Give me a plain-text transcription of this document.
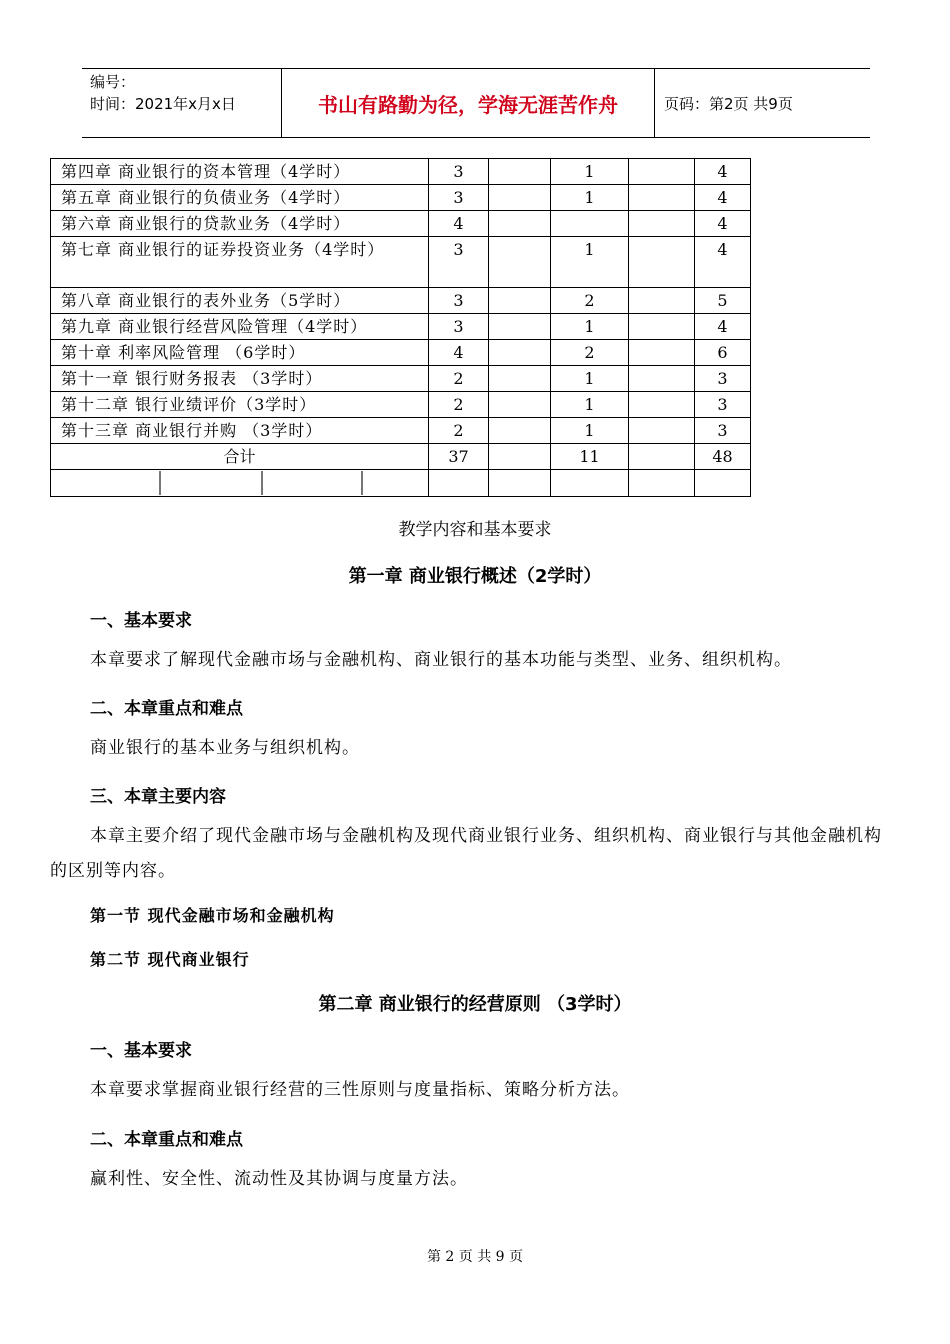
编号：
时间：2021年x月x日	书山有路勤为径，学海无涯苦作舟	页码：第2页 共9页
第四章 商业银行的资本管理（4学时）	3		1		4
第五章 商业银行的负债业务（4学时）	3		1		4
第六章 商业银行的贷款业务（4学时）	4				4
第七章 商业银行的证券投资业务（4学时）	3		1		4
第八章 商业银行的表外业务（5学时）	3		2		5
第九章 商业银行经营风险管理（4学时）	3		1		4
第十章 利率风险管理 （6学时）	4		2		6
第十一章 银行财务报表 （3学时）	2		1		3
第十二章 银行业绩评价（3学时）	2		1		3
第十三章 商业银行并购 （3学时）	2		1		3
合计	37		11		48

教学内容和基本要求
第一章 商业银行概述（2学时）
一、基本要求
本章要求了解现代金融市场与金融机构、商业银行的基本功能与类型、业务、组织机构。
二、本章重点和难点
商业银行的基本业务与组织机构。
三、本章主要内容
本章主要介绍了现代金融市场与金融机构及现代商业银行业务、组织机构、商业银行与其他金融机构的区别等内容。
第一节 现代金融市场和金融机构
第二节 现代商业银行
第二章 商业银行的经营原则 （3学时）
一、基本要求
本章要求掌握商业银行经营的三性原则与度量指标、策略分析方法。
二、本章重点和难点
赢利性、安全性、流动性及其协调与度量方法。
第 2 页 共 9 页
